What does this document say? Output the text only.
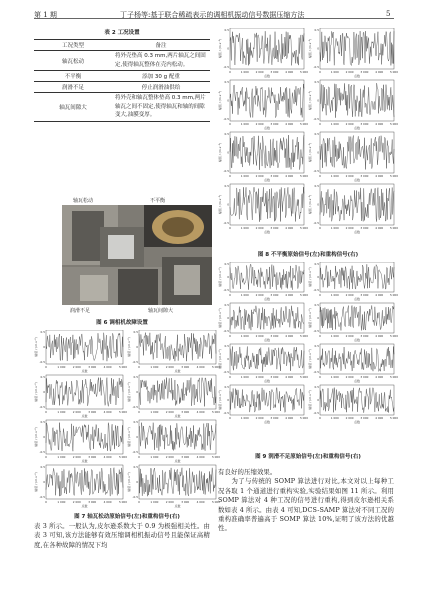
第 1 期	丁子杨等:基于联合稀疏表示的调相机振动信号数据压缩方法	5
表 2 工况设置
工况类型	备注
轴瓦松动	将外壳垫高 0.3 mm,两片轴瓦之间固定,使得轴瓦整体在壳内松动。
不平衡	添加 30 g 配重
润滑不足	停止润滑油供给
轴瓦间隙大	将外壳和轴瓦整体垫高 0.3 mm,两片轴瓦之间不固定,使得轴瓦和轴的间隙变大,油膜变厚。
轴瓦松动	不平衡
润滑不足	轴瓦间隙大
图 6 调相机故障设置
幅值 / (m·s⁻²)
0.5
0
-0.5
0	1 000	2 000	3 000	4 000	5 000
点数
幅值 / (m·s⁻²)
0.5
0
-0.5
0	1 000	2 000	3 000	4 000	5 000
点数
幅值 / (m·s⁻²)
0.5
0
-0.5
0	1 000	2 000	3 000	4 000	5 000
点数
幅值 / (m·s⁻²)
0.5
0
-0.5
0	1 000	2 000	3 000	4 000	5 000
点数
幅值 / (m·s⁻²)
0.5
0
-0.5
0	1 000	2 000	3 000	4 000	5 000
点数
幅值 / (m·s⁻²)
0.5
0
-0.5
0	1 000	2 000	3 000	4 000	5 000
点数
幅值 / (m·s⁻²)
0.5
0
-0.5
0	1 000	2 000	3 000	4 000	5 000
点数
幅值 / (m·s⁻²)
0.5
0
-0.5
0	1 000	2 000	3 000	4 000	5 000
点数
图 7 轴瓦松动原始信号(左)和重构信号(右)
表 3 所示。一般认为,皮尔逊系数大于 0.9 为极强相关性。由表 3 可知,该方法能够有效压缩调相机振动信号且能保证高精度,在各种故障的情况下均
幅值 / (m·s⁻²)
0.5
0
-0.5
0	1 000 2 000 3 000 4 000 5 000
点数
幅值 / (m·s⁻²)
0.5
0
-0.5
0	1 000 2 000 3 000 4 000 5 000
点数
幅值 / (m·s⁻²)
0.5
0
-0.5
0	1 000 2 000 3 000 4 000 5 000
点数
幅值 / (m·s⁻²)
0.5
0
-0.5
0	1 000 2 000 3 000 4 000 5 000
点数
幅值 / (m·s⁻²)
0.5
0
-0.5
0	1 000 2 000 3 000 4 000 5 000
点数
幅值 / (m·s⁻²)
0.5
0
-0.5
0	1 000 2 000 3 000 4 000 5 000
点数
幅值 / (m·s⁻²)
0.5
0
-0.5
0	1 000 2 000 3 000 4 000 5 000
点数
幅值 / (m·s⁻²)
0.5
0
-0.5
0	1 000 2 000 3 000 4 000 5 000
点数
图 8 不平衡原始信号(左)和重构信号(右)
幅值 / (m·s⁻²)
0.5
0
-0.5
0	1 000 2 000 3 000 4 000 5 000
点数
幅值 / (m·s⁻²)
0.5
0
-0.5
0	1 000 2 000 3 000 4 000 5 000
点数
幅值 / (m·s⁻²)
0.5
0
-0.5
0	1 000 2 000 3 000 4 000 5 000
点数
幅值 / (m·s⁻²)
0.5
0
-0.5
0	1 000 2 000 3 000 4 000 5 000
点数
幅值 / (m·s⁻²)
0.5
0
-0.5
0	1 000 2 000 3 000 4 000 5 000
点数
幅值 / (m·s⁻²)
0.5
0
-0.5
0	1 000 2 000 3 000 4 000 5 000
点数
幅值 / (m·s⁻²)
0.5
0
-0.5
0	1 000 2 000 3 000 4 000 5 000
点数
幅值 / (m·s⁻²)
0.5
0
-0.5
0	1 000 2 000 3 000 4 000 5 000
点数
图 9 润滑不足原始信号(左)和重构信号(右)
有良好的压缩效果。
　　为了与传统的 SOMP 算法进行对比,本文对以上每种工况各取 1 个通道进行重构实验,实验结果如图 11 所示。利用 SOMP 算法对 4 种工况的信号进行重构,得到皮尔逊相关系数如表 4 所示。由表 4 可知,DCS-SAMP 算法对不同工况的重构准确率普遍高于 SOMP 算法 10%,证明了该方法的优越性。
